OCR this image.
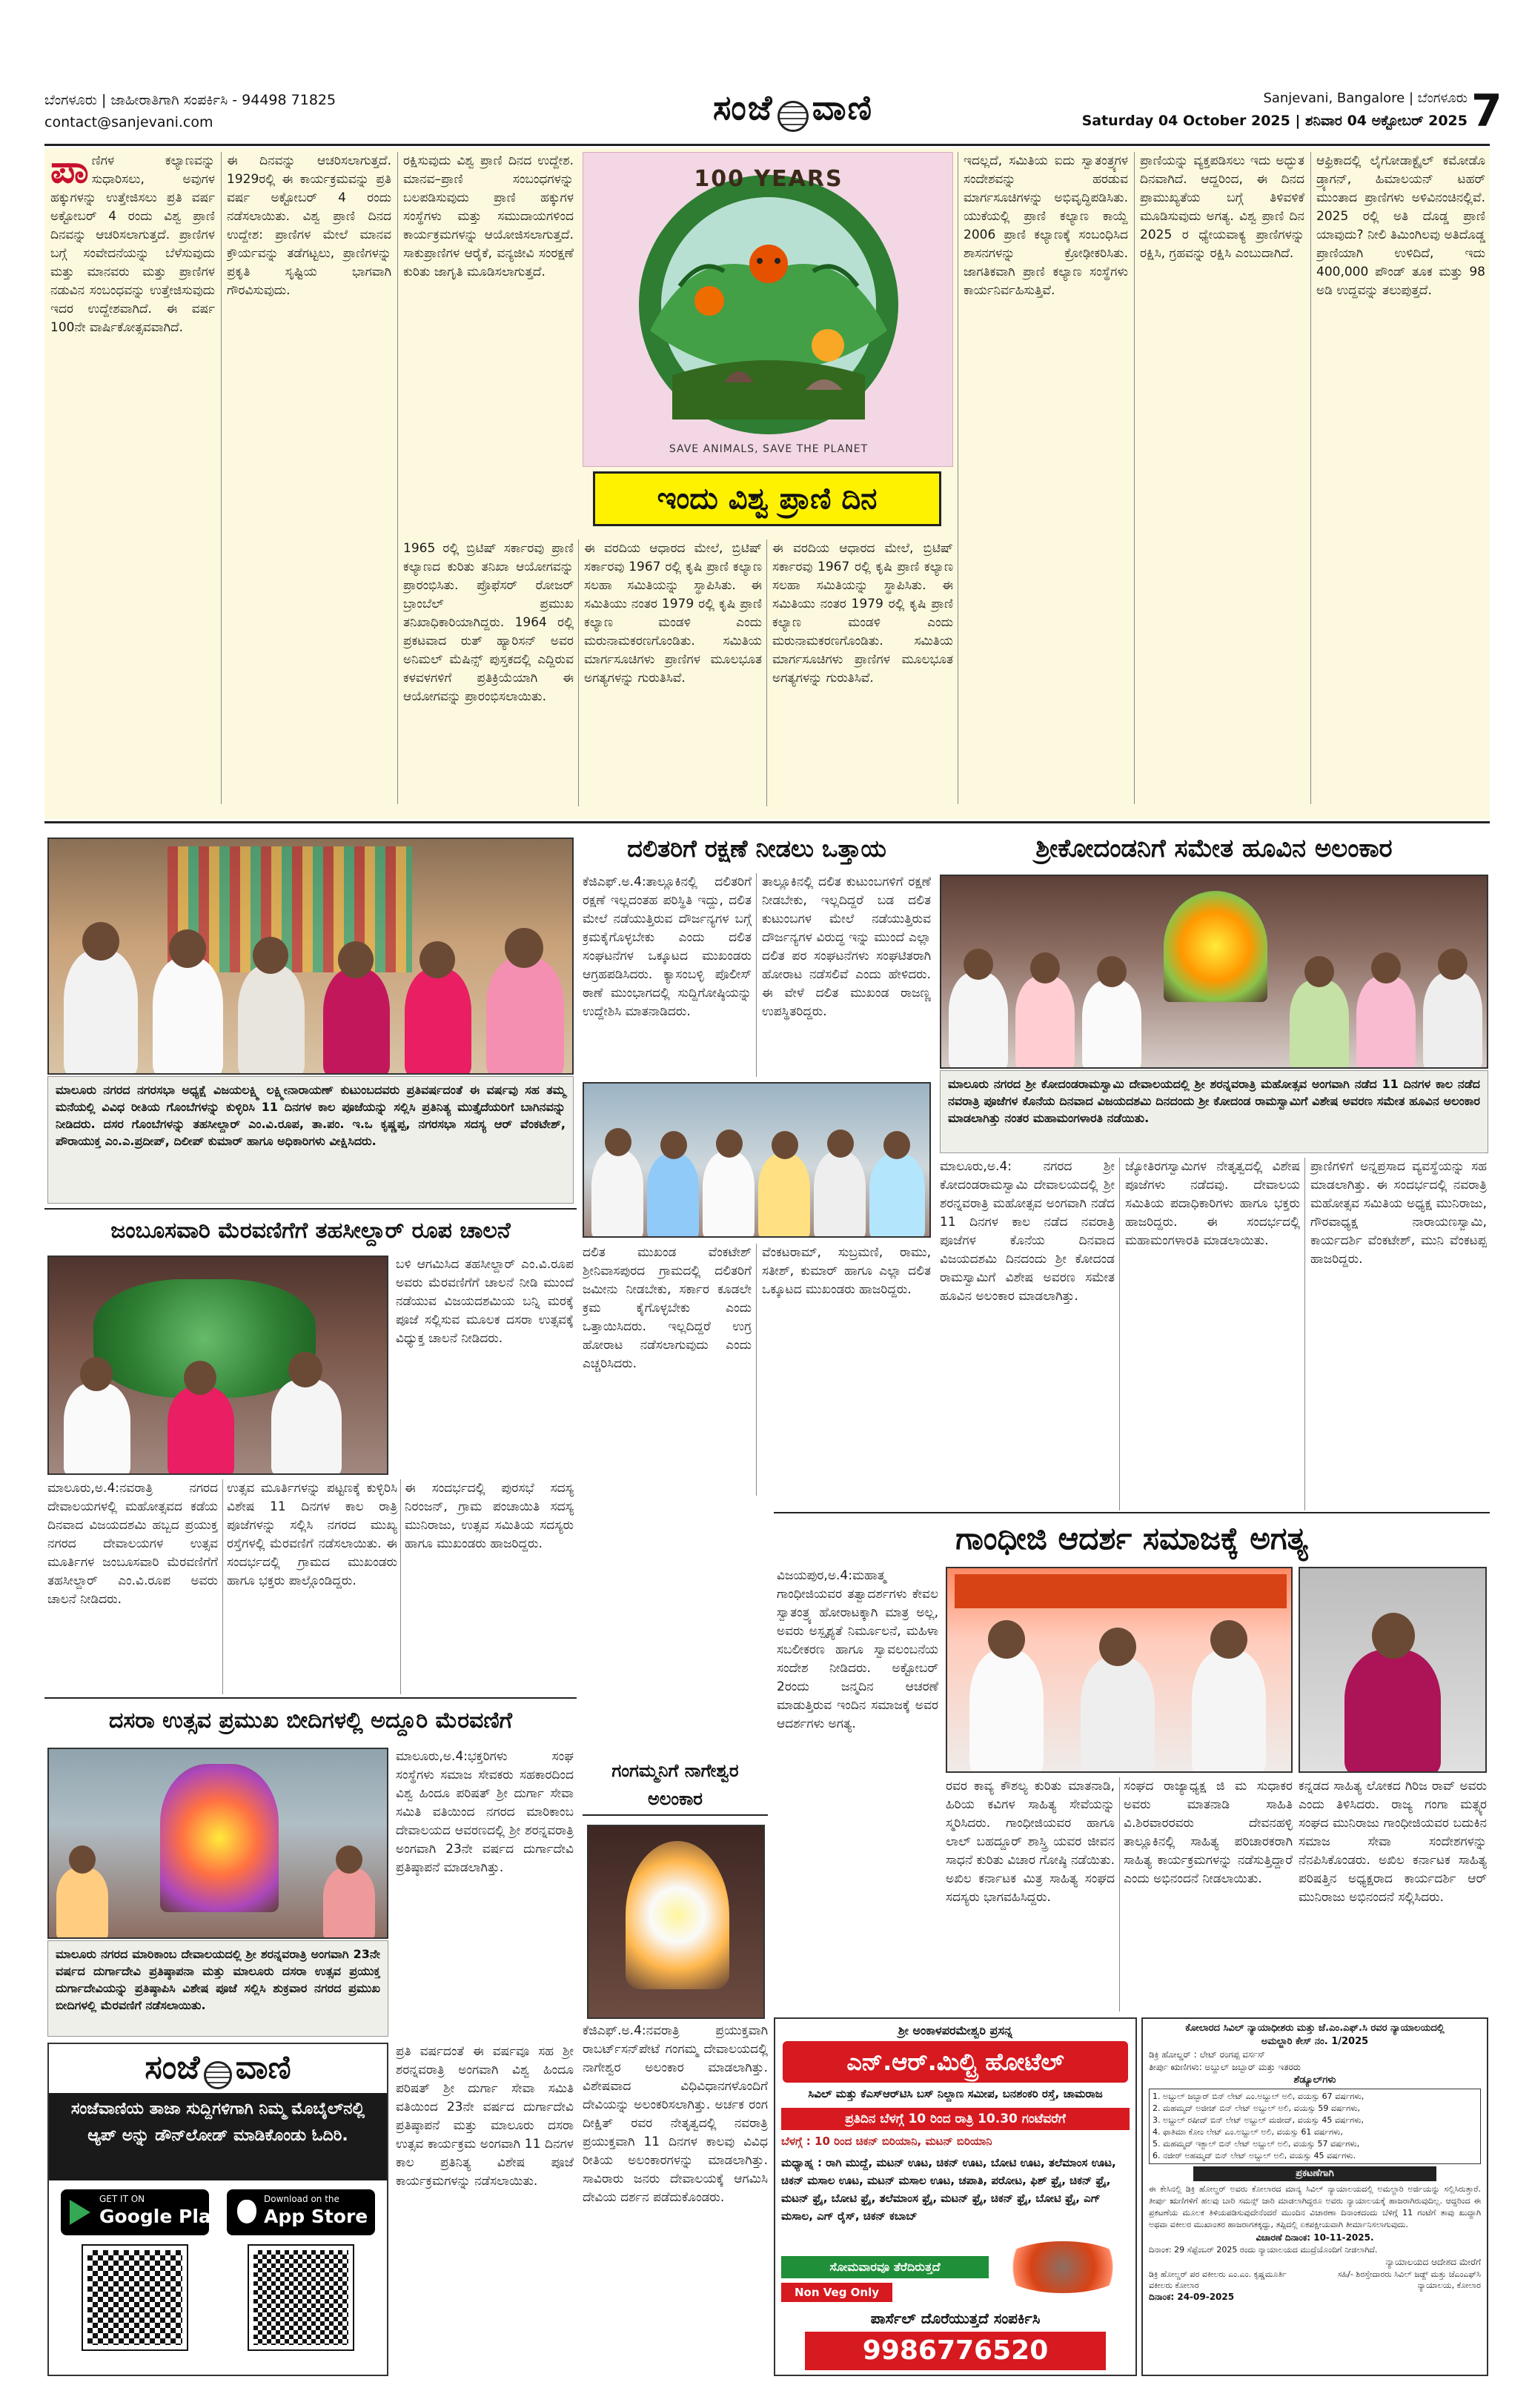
ಬೆಂಗಳೂರು | ಜಾಹೀರಾತಿಗಾಗಿ ಸಂಪರ್ಕಿಸಿ - 94498 71825
contact@sanjevani.com	ಸಂಜೆ ವಾಣಿ	Sanjevani, Bangalore | ಬೆಂಗಳೂರು
Saturday 04 October 2025 | ಶನಿವಾರ 04 ಅಕ್ಟೋಬರ್ 2025 7
ಪಾ ಣಿಗಳ ಕಲ್ಯಾಣವನ್ನು ಸುಧಾರಿಸಲು, ಅವುಗಳ ಹಕ್ಕುಗಳನ್ನು ಉತ್ತೇಜಿಸಲು ಪ್ರತಿ ವರ್ಷ ಅಕ್ಟೋಬರ್ 4 ರಂದು ವಿಶ್ವ ಪ್ರಾಣಿ ದಿನವನ್ನು ಆಚರಿಸಲಾಗುತ್ತದೆ. ಪ್ರಾಣಿಗಳ ಬಗ್ಗೆ ಸಂವೇದನೆಯನ್ನು ಬೆಳೆಸುವುದು ಮತ್ತು ಮಾನವರು ಮತ್ತು ಪ್ರಾಣಿಗಳ ನಡುವಿನ ಸಂಬಂಧವನ್ನು ಉತ್ತೇಜಿಸುವುದು ಇದರ ಉದ್ದೇಶವಾಗಿದೆ. ಈ ವರ್ಷ 100ನೇ ವಾರ್ಷಿಕೋತ್ಸವವಾಗಿದೆ.
ಈ ದಿನವನ್ನು ಆಚರಿಸಲಾಗುತ್ತದೆ. 1929ರಲ್ಲಿ ಈ ಕಾರ್ಯಕ್ರಮವನ್ನು ಪ್ರತಿ ವರ್ಷ ಅಕ್ಟೋಬರ್ 4 ರಂದು ನಡೆಸಲಾಯಿತು. ವಿಶ್ವ ಪ್ರಾಣಿ ದಿನದ ಉದ್ದೇಶ: ಪ್ರಾಣಿಗಳ ಮೇಲೆ ಮಾನವ ಕ್ರೌರ್ಯವನ್ನು ತಡೆಗಟ್ಟಲು, ಪ್ರಾಣಿಗಳನ್ನು ಪ್ರಕೃತಿ ಸೃಷ್ಟಿಯ ಭಾಗವಾಗಿ ಗೌರವಿಸುವುದು.
ರಕ್ಷಿಸುವುದು ವಿಶ್ವ ಪ್ರಾಣಿ ದಿನದ ಉದ್ದೇಶ. ಮಾನವ–ಪ್ರಾಣಿ ಸಂಬಂಧಗಳನ್ನು ಬಲಪಡಿಸುವುದು ಪ್ರಾಣಿ ಹಕ್ಕುಗಳ ಸಂಸ್ಥೆಗಳು ಮತ್ತು ಸಮುದಾಯಗಳಿಂದ ಕಾರ್ಯಕ್ರಮಗಳನ್ನು ಆಯೋಜಿಸಲಾಗುತ್ತದೆ. ಸಾಕುಪ್ರಾಣಿಗಳ ಆರೈಕೆ, ವನ್ಯಜೀವಿ ಸಂರಕ್ಷಣೆ ಕುರಿತು ಜಾಗೃತಿ ಮೂಡಿಸಲಾಗುತ್ತದೆ.
100 YEARS
SAVE ANIMALS, SAVE THE PLANET
ಇಂದು ವಿಶ್ವ ಪ್ರಾಣಿ ದಿನ
ಇದಲ್ಲದೆ, ಸಮಿತಿಯ ಐದು ಸ್ವಾತಂತ್ರ್ಯಗಳ ಸಂದೇಶವನ್ನು ಹರಡುವ ಮಾರ್ಗಸೂಚಿಗಳನ್ನು ಅಭಿವೃದ್ಧಿಪಡಿಸಿತು. ಯುಕೆಯಲ್ಲಿ ಪ್ರಾಣಿ ಕಲ್ಯಾಣ ಕಾಯ್ದೆ 2006 ಪ್ರಾಣಿ ಕಲ್ಯಾಣಕ್ಕೆ ಸಂಬಂಧಿಸಿದ ಶಾಸನಗಳನ್ನು ಕ್ರೋಢೀಕರಿಸಿತು. ಜಾಗತಿಕವಾಗಿ ಪ್ರಾಣಿ ಕಲ್ಯಾಣ ಸಂಸ್ಥೆಗಳು ಕಾರ್ಯನಿರ್ವಹಿಸುತ್ತಿವೆ.
ಪ್ರಾಣಿಯನ್ನು ವ್ಯಕ್ತಪಡಿಸಲು ಇದು ಅದ್ಭುತ ದಿನವಾಗಿದೆ. ಆದ್ದರಿಂದ, ಈ ದಿನದ ಪ್ರಾಮುಖ್ಯತೆಯ ಬಗ್ಗೆ ತಿಳಿವಳಿಕೆ ಮೂಡಿಸುವುದು ಅಗತ್ಯ. ವಿಶ್ವ ಪ್ರಾಣಿ ದಿನ 2025 ರ ಧ್ಯೇಯವಾಕ್ಯ ಪ್ರಾಣಿಗಳನ್ನು ರಕ್ಷಿಸಿ, ಗ್ರಹವನ್ನು ರಕ್ಷಿಸಿ ಎಂಬುದಾಗಿದೆ.
ಆಫ್ರಿಕಾದಲ್ಲಿ ಲೈಗೋಡಾಕ್ಟೈಲ್ ಕಮೋಡೊ ಡ್ರ್ಯಾಗನ್, ಹಿಮಾಲಯನ್ ಟಹರ್ ಮುಂತಾದ ಪ್ರಾಣಿಗಳು ಅಳಿವಿನಂಚಿನಲ್ಲಿವೆ. 2025 ರಲ್ಲಿ ಅತಿ ದೊಡ್ಡ ಪ್ರಾಣಿ ಯಾವುದು? ನೀಲಿ ತಿಮಿಂಗಿಲವು ಅತಿದೊಡ್ಡ ಪ್ರಾಣಿಯಾಗಿ ಉಳಿದಿದೆ, ಇದು 400,000 ಪೌಂಡ್ ತೂಕ ಮತ್ತು 98 ಅಡಿ ಉದ್ದವನ್ನು ತಲುಪುತ್ತದೆ.
1965 ರಲ್ಲಿ ಬ್ರಿಟಿಷ್ ಸರ್ಕಾರವು ಪ್ರಾಣಿ ಕಲ್ಯಾಣದ ಕುರಿತು ತನಿಖಾ ಆಯೋಗವನ್ನು ಪ್ರಾರಂಭಿಸಿತು. ಪ್ರೊಫೆಸರ್ ರೋಜರ್ ಬ್ರಾಂಬೆಲ್ ಪ್ರಮುಖ ತನಿಖಾಧಿಕಾರಿಯಾಗಿದ್ದರು. 1964 ರಲ್ಲಿ ಪ್ರಕಟವಾದ ರುತ್ ಹ್ಯಾರಿಸನ್ ಅವರ ಅನಿಮಲ್ ಮೆಷಿನ್ಸ್ ಪುಸ್ತಕದಲ್ಲಿ ಎದ್ದಿರುವ ಕಳವಳಗಳಿಗೆ ಪ್ರತಿಕ್ರಿಯೆಯಾಗಿ ಈ ಆಯೋಗವನ್ನು ಪ್ರಾರಂಭಿಸಲಾಯಿತು.
ಈ ವರದಿಯ ಆಧಾರದ ಮೇಲೆ, ಬ್ರಿಟಿಷ್ ಸರ್ಕಾರವು 1967 ರಲ್ಲಿ ಕೃಷಿ ಪ್ರಾಣಿ ಕಲ್ಯಾಣ ಸಲಹಾ ಸಮಿತಿಯನ್ನು ಸ್ಥಾಪಿಸಿತು. ಈ ಸಮಿತಿಯು ನಂತರ 1979 ರಲ್ಲಿ ಕೃಷಿ ಪ್ರಾಣಿ ಕಲ್ಯಾಣ ಮಂಡಳಿ ಎಂದು ಮರುನಾಮಕರಣಗೊಂಡಿತು. ಸಮಿತಿಯ ಮಾರ್ಗಸೂಚಿಗಳು ಪ್ರಾಣಿಗಳ ಮೂಲಭೂತ ಅಗತ್ಯಗಳನ್ನು ಗುರುತಿಸಿವೆ.
ಈ ವರದಿಯ ಆಧಾರದ ಮೇಲೆ, ಬ್ರಿಟಿಷ್ ಸರ್ಕಾರವು 1967 ರಲ್ಲಿ ಕೃಷಿ ಪ್ರಾಣಿ ಕಲ್ಯಾಣ ಸಲಹಾ ಸಮಿತಿಯನ್ನು ಸ್ಥಾಪಿಸಿತು. ಈ ಸಮಿತಿಯು ನಂತರ 1979 ರಲ್ಲಿ ಕೃಷಿ ಪ್ರಾಣಿ ಕಲ್ಯಾಣ ಮಂಡಳಿ ಎಂದು ಮರುನಾಮಕರಣಗೊಂಡಿತು. ಸಮಿತಿಯ ಮಾರ್ಗಸೂಚಿಗಳು ಪ್ರಾಣಿಗಳ ಮೂಲಭೂತ ಅಗತ್ಯಗಳನ್ನು ಗುರುತಿಸಿವೆ.
ಮಾಲೂರು ನಗರದ ನಗರಸಭಾ ಅಧ್ಯಕ್ಷೆ ವಿಜಯಲಕ್ಷ್ಮಿ ಲಕ್ಷ್ಮೀನಾರಾಯಣ್ ಕುಟುಂಬದವರು ಪ್ರತಿವರ್ಷದಂತೆ ಈ ವರ್ಷವು ಸಹ ತಮ್ಮ ಮನೆಯಲ್ಲಿ ವಿವಿಧ ರೀತಿಯ ಗೊಂಬೆಗಳನ್ನು ಕುಳ್ಳಿರಿಸಿ 11 ದಿನಗಳ ಕಾಲ ಪೂಜೆಯನ್ನು ಸಲ್ಲಿಸಿ ಪ್ರತಿನಿತ್ಯ ಮುತ್ತೈದೆಯರಿಗೆ ಬಾಗಿನವನ್ನು ನೀಡಿದರು. ದಸರ ಗೊಂಬೆಗಳನ್ನು ತಹಸೀಲ್ದಾರ್ ಎಂ.ವಿ.ರೂಪ, ತಾ.ಪಂ. ಇ.ಒ ಕೃಷ್ಣಪ್ಪ, ನಗರಸಭಾ ಸದಸ್ಯ ಆರ್ ವೆಂಕಟೇಶ್, ಪೌರಾಯುಕ್ತ ಎಂ.ಎ.ಪ್ರದೀಪ್, ದಿಲೀಪ್ ಕುಮಾರ್ ಹಾಗೂ ಅಧಿಕಾರಿಗಳು ವೀಕ್ಷಿಸಿದರು.
ದಲಿತರಿಗೆ ರಕ್ಷಣೆ ನೀಡಲು ಒತ್ತಾಯ
ಕೆಜಿಎಫ್.ಅ.4:ತಾಲ್ಲೂಕಿನಲ್ಲಿ ದಲಿತರಿಗೆ ರಕ್ಷಣೆ ಇಲ್ಲದಂತಹ ಪರಿಸ್ಥಿತಿ ಇದ್ದು, ದಲಿತ ಮೇಲೆ ನಡೆಯುತ್ತಿರುವ ದೌರ್ಜನ್ಯಗಳ ಬಗ್ಗೆ ಕ್ರಮಕೈಗೊಳ್ಳಬೇಕು ಎಂದು ದಲಿತ ಸಂಘಟನೆಗಳ ಒಕ್ಕೂಟದ ಮುಖಂಡರು ಆಗ್ರಹಪಡಿಸಿದರು. ಕ್ಯಾಸಂಬಳ್ಳಿ ಪೊಲೀಸ್ ಠಾಣೆ ಮುಂಭಾಗದಲ್ಲಿ ಸುದ್ದಿಗೋಷ್ಠಿಯನ್ನು ಉದ್ದೇಶಿಸಿ ಮಾತನಾಡಿದರು.
ತಾಲ್ಲೂಕಿನಲ್ಲಿ ದಲಿತ ಕುಟುಂಬಗಳಿಗೆ ರಕ್ಷಣೆ ನೀಡಬೇಕು, ಇಲ್ಲದಿದ್ದರೆ ಬಡ ದಲಿತ ಕುಟುಂಬಗಳ ಮೇಲೆ ನಡೆಯುತ್ತಿರುವ ದೌರ್ಜನ್ಯಗಳ ವಿರುದ್ಧ ಇನ್ನು ಮುಂದೆ ಎಲ್ಲಾ ದಲಿತ ಪರ ಸಂಘಟನೆಗಳು ಸಂಘಟಿತರಾಗಿ ಹೋರಾಟ ನಡೆಸಲಿವೆ ಎಂದು ಹೇಳಿದರು. ಈ ವೇಳೆ ದಲಿತ ಮುಖಂಡ ರಾಜಣ್ಣ ಉಪಸ್ಥಿತರಿದ್ದರು.
ದಲಿತ ಮುಖಂಡ ವೆಂಕಟೇಶ್ ಶ್ರೀನಿವಾಸಪುರದ ಗ್ರಾಮದಲ್ಲಿ ದಲಿತರಿಗೆ ಜಮೀನು ನೀಡಬೇಕು, ಸರ್ಕಾರ ಕೂಡಲೇ ಕ್ರಮ ಕೈಗೊಳ್ಳಬೇಕು ಎಂದು ಒತ್ತಾಯಿಸಿದರು. ಇಲ್ಲದಿದ್ದರೆ ಉಗ್ರ ಹೋರಾಟ ನಡೆಸಲಾಗುವುದು ಎಂದು ಎಚ್ಚರಿಸಿದರು.
ವೆಂಕಟರಾಮ್, ಸುಬ್ರಮಣಿ, ರಾಮು, ಸತೀಶ್, ಕುಮಾರ್ ಹಾಗೂ ಎಲ್ಲಾ ದಲಿತ ಒಕ್ಕೂಟದ ಮುಖಂಡರು ಹಾಜರಿದ್ದರು.
ಶ್ರೀಕೋದಂಡನಿಗೆ ಸಮೇತ ಹೂವಿನ ಅಲಂಕಾರ
ಮಾಲೂರು ನಗರದ ಶ್ರೀ ಕೋದಂಡರಾಮಸ್ವಾಮಿ ದೇವಾಲಯದಲ್ಲಿ ಶ್ರೀ ಶರನ್ನವರಾತ್ರಿ ಮಹೋತ್ಸವ ಅಂಗವಾಗಿ ನಡೆದ 11 ದಿನಗಳ ಕಾಲ ನಡೆದ ನವರಾತ್ರಿ ಪೂಜೆಗಳ ಕೊನೆಯ ದಿನವಾದ ವಿಜಯದಶಮಿ ದಿನದಂದು ಶ್ರೀ ಕೋದಂಡ ರಾಮಸ್ವಾಮಿಗೆ ವಿಶೇಷ ಅವರಣ ಸಮೇತ ಹೂವಿನ ಅಲಂಕಾರ ಮಾಡಲಾಗಿತ್ತು ನಂತರ ಮಹಾಮಂಗಳಾರತಿ ನಡೆಯಿತು.
ಮಾಲೂರು,ಅ.4: ನಗರದ ಶ್ರೀ ಕೋದಂಡರಾಮಸ್ವಾಮಿ ದೇವಾಲಯದಲ್ಲಿ ಶ್ರೀ ಶರನ್ನವರಾತ್ರಿ ಮಹೋತ್ಸವ ಅಂಗವಾಗಿ ನಡೆದ 11 ದಿನಗಳ ಕಾಲ ನಡೆದ ನವರಾತ್ರಿ ಪೂಜೆಗಳ ಕೊನೆಯ ದಿನವಾದ ವಿಜಯದಶಮಿ ದಿನದಂದು ಶ್ರೀ ಕೋದಂಡ ರಾಮಸ್ವಾಮಿಗೆ ವಿಶೇಷ ಅವರಣ ಸಮೇತ ಹೂವಿನ ಅಲಂಕಾರ ಮಾಡಲಾಗಿತ್ತು.
ಜ್ಯೋತಿರಗಸ್ವಾಮಿಗಳ ನೇತೃತ್ವದಲ್ಲಿ ವಿಶೇಷ ಪೂಜೆಗಳು ನಡೆದವು. ದೇವಾಲಯ ಸಮಿತಿಯ ಪದಾಧಿಕಾರಿಗಳು ಹಾಗೂ ಭಕ್ತರು ಹಾಜರಿದ್ದರು. ಈ ಸಂದರ್ಭದಲ್ಲಿ ಮಹಾಮಂಗಳಾರತಿ ಮಾಡಲಾಯಿತು.
ಪ್ರಾಣಿಗಳಿಗೆ ಅನ್ನಪ್ರಸಾದ ವ್ಯವಸ್ಥೆಯನ್ನು ಸಹ ಮಾಡಲಾಗಿತ್ತು. ಈ ಸಂದರ್ಭದಲ್ಲಿ ನವರಾತ್ರಿ ಮಹೋತ್ಸವ ಸಮಿತಿಯ ಅಧ್ಯಕ್ಷ ಮುನಿರಾಜು, ಗೌರವಾಧ್ಯಕ್ಷ ನಾರಾಯಣಸ್ವಾಮಿ, ಕಾರ್ಯದರ್ಶಿ ವೆಂಕಟೇಶ್, ಮುನಿ ವೆಂಕಟಪ್ಪ ಹಾಜರಿದ್ದರು.
ಜಂಬೂಸವಾರಿ ಮೆರವಣಿಗೆಗೆ ತಹಸೀಲ್ದಾರ್ ರೂಪ ಚಾಲನೆ
ಬಳಿ ಆಗಮಿಸಿದ ತಹಸೀಲ್ದಾರ್ ಎಂ.ವಿ.ರೂಪ ಅವರು ಮೆರವಣಿಗೆಗೆ ಚಾಲನೆ ನೀಡಿ ಮುಂದೆ ನಡೆಯುವ ವಿಜಯದಶಮಿಯ ಬನ್ನಿ ಮರಕ್ಕೆ ಪೂಜೆ ಸಲ್ಲಿಸುವ ಮೂಲಕ ದಸರಾ ಉತ್ಸವಕ್ಕೆ ವಿಧ್ಯುಕ್ತ ಚಾಲನೆ ನೀಡಿದರು.
ಮಾಲೂರು,ಅ.4:ನವರಾತ್ರಿ ನಗರದ ದೇವಾಲಯಗಳಲ್ಲಿ ಮಹೋತ್ಸವದ ಕಡೆಯ ದಿನವಾದ ವಿಜಯದಶಮಿ ಹಬ್ಬದ ಪ್ರಯುಕ್ತ ನಗರದ ದೇವಾಲಯಗಳ ಉತ್ಸವ ಮೂರ್ತಿಗಳ ಜಂಬೂಸವಾರಿ ಮೆರವಣಿಗೆಗೆ ತಹಸೀಲ್ದಾರ್ ಎಂ.ವಿ.ರೂಪ ಅವರು ಚಾಲನೆ ನೀಡಿದರು.
ಉತ್ಸವ ಮೂರ್ತಿಗಳನ್ನು ಪಟ್ಟಣಕ್ಕೆ ಕುಳ್ಳಿರಿಸಿ ವಿಶೇಷ 11 ದಿನಗಳ ಕಾಲ ರಾತ್ರಿ ಪೂಜೆಗಳನ್ನು ಸಲ್ಲಿಸಿ ನಗರದ ಮುಖ್ಯ ರಸ್ತೆಗಳಲ್ಲಿ ಮೆರವಣಿಗೆ ನಡೆಸಲಾಯಿತು. ಈ ಸಂದರ್ಭದಲ್ಲಿ ಗ್ರಾಮದ ಮುಖಂಡರು ಹಾಗೂ ಭಕ್ತರು ಪಾಲ್ಗೊಂಡಿದ್ದರು.
ಈ ಸಂದರ್ಭದಲ್ಲಿ ಪುರಸಭೆ ಸದಸ್ಯ ನಿರಂಜನ್, ಗ್ರಾಮ ಪಂಚಾಯಿತಿ ಸದಸ್ಯ ಮುನಿರಾಜು, ಉತ್ಸವ ಸಮಿತಿಯ ಸದಸ್ಯರು ಹಾಗೂ ಮುಖಂಡರು ಹಾಜರಿದ್ದರು.
ದಸರಾ ಉತ್ಸವ ಪ್ರಮುಖ ಬೀದಿಗಳಲ್ಲಿ ಅದ್ದೂರಿ ಮೆರವಣಿಗೆ
ಮಾಲೂರು ನಗರದ ಮಾರಿಕಾಂಬ ದೇವಾಲಯದಲ್ಲಿ ಶ್ರೀ ಶರನ್ನವರಾತ್ರಿ ಅಂಗವಾಗಿ 23ನೇ ವರ್ಷದ ದುರ್ಗಾದೇವಿ ಪ್ರತಿಷ್ಠಾಪನಾ ಮತ್ತು ಮಾಲೂರು ದಸರಾ ಉತ್ಸವ ಪ್ರಯುಕ್ತ ದುರ್ಗಾದೇವಿಯನ್ನು ಪ್ರತಿಷ್ಠಾಪಿಸಿ ವಿಶೇಷ ಪೂಜೆ ಸಲ್ಲಿಸಿ ಶುಕ್ರವಾರ ನಗರದ ಪ್ರಮುಖ ಬೀದಿಗಳಲ್ಲಿ ಮೆರವಣಿಗೆ ನಡೆಸಲಾಯಿತು.
ಮಾಲೂರು,ಅ.4:ಭಕ್ತರಿಗಳು ಸಂಘ ಸಂಸ್ಥೆಗಳು ಸಮಾಜ ಸೇವಕರು ಸಹಕಾರದಿಂದ ವಿಶ್ವ ಹಿಂದೂ ಪರಿಷತ್ ಶ್ರೀ ದುರ್ಗಾ ಸೇವಾ ಸಮಿತಿ ವತಿಯಿಂದ ನಗರದ ಮಾರಿಕಾಂಬ ದೇವಾಲಯದ ಆವರಣದಲ್ಲಿ ಶ್ರೀ ಶರನ್ನವರಾತ್ರಿ ಅಂಗವಾಗಿ 23ನೇ ವರ್ಷದ ದುರ್ಗಾದೇವಿ ಪ್ರತಿಷ್ಠಾಪನೆ ಮಾಡಲಾಗಿತ್ತು.
ಪ್ರತಿ ವರ್ಷದಂತೆ ಈ ವರ್ಷವೂ ಸಹ ಶ್ರೀ ಶರನ್ನವರಾತ್ರಿ ಅಂಗವಾಗಿ ವಿಶ್ವ ಹಿಂದೂ ಪರಿಷತ್ ಶ್ರೀ ದುರ್ಗಾ ಸೇವಾ ಸಮಿತಿ ವತಿಯಿಂದ 23ನೇ ವರ್ಷದ ದುರ್ಗಾದೇವಿ ಪ್ರತಿಷ್ಠಾಪನೆ ಮತ್ತು ಮಾಲೂರು ದಸರಾ ಉತ್ಸವ ಕಾರ್ಯಕ್ರಮ ಅಂಗವಾಗಿ 11 ದಿನಗಳ ಕಾಲ ಪ್ರತಿನಿತ್ಯ ವಿಶೇಷ ಪೂಜೆ ಕಾರ್ಯಕ್ರಮಗಳನ್ನು ನಡೆಸಲಾಯಿತು.
ಸಂಜೆ ವಾಣಿ
ಸಂಜೆವಾಣಿಯ ತಾಜಾ ಸುದ್ದಿಗಳಿಗಾಗಿ ನಿಮ್ಮ ಮೊಬೈಲ್‌ನಲ್ಲಿ ಆ್ಯಪ್ ಅನ್ನು ಡೌನ್‌ಲೋಡ್ ಮಾಡಿಕೊಂಡು ಓದಿರಿ.
GET IT ON
Google Play
Download on the
App Store
ಗಾಂಧೀಜಿ ಆದರ್ಶ ಸಮಾಜಕ್ಕೆ ಅಗತ್ಯ
ವಿಜಯಪುರ,ಅ.4:ಮಹಾತ್ಮ ಗಾಂಧೀಜಿಯವರ ತತ್ವಾದರ್ಶಗಳು ಕೇವಲ ಸ್ವಾತಂತ್ರ್ಯ ಹೋರಾಟಕ್ಕಾಗಿ ಮಾತ್ರ ಅಲ್ಲ, ಅವರು ಅಸ್ಪೃಶ್ಯತೆ ನಿರ್ಮೂಲನೆ, ಮಹಿಳಾ ಸಬಲೀಕರಣ ಹಾಗೂ ಸ್ವಾವಲಂಬನೆಯ ಸಂದೇಶ ನೀಡಿದರು. ಅಕ್ಟೋಬರ್ 2ರಂದು ಜನ್ಮದಿನ ಆಚರಣೆ ಮಾಡುತ್ತಿರುವ ಇಂದಿನ ಸಮಾಜಕ್ಕೆ ಅವರ ಆದರ್ಶಗಳು ಅಗತ್ಯ.
ಕನ್ನಡದ ಸಾಹಿತ್ಯ ಲೋಕದ ಗಿರಿಜ ರಾವ್ ಅವರು ಎಂದು ತಿಳಿಸಿದರು. ರಾಜ್ಯ ಗಂಗಾ ಮತ್ಸ್ಯರ ಸಂಘದ ಮುನಿರಾಜು ಗಾಂಧೀಜಿಯವರ ಬದುಕಿನ ಸಮಾಜ ಸೇವಾ ಸಂದೇಶಗಳನ್ನು ನೆನಪಿಸಿಕೊಂಡರು. ಅಖಿಲ ಕರ್ನಾಟಕ ಸಾಹಿತ್ಯ ಪರಿಷತ್ತಿನ ಅಧ್ಯಕ್ಷರಾದ ಕಾರ್ಯದರ್ಶಿ ಆರ್ ಮುನಿರಾಜು ಅಭಿನಂದನೆ ಸಲ್ಲಿಸಿದರು.
ರವರ ಕಾವ್ಯ ಕೌಶಲ್ಯ ಕುರಿತು ಮಾತನಾಡಿ, ಹಿರಿಯ ಕವಿಗಳ ಸಾಹಿತ್ಯ ಸೇವೆಯನ್ನು ಸ್ಮರಿಸಿದರು. ಗಾಂಧೀಜಿಯವರ ಹಾಗೂ ಲಾಲ್ ಬಹದ್ದೂರ್ ಶಾಸ್ತ್ರಿ ಯವರ ಜೀವನ ಸಾಧನೆ ಕುರಿತು ವಿಚಾರ ಗೋಷ್ಠಿ ನಡೆಯಿತು. ಅಖಿಲ ಕರ್ನಾಟಕ ಮಿತ್ರ ಸಾಹಿತ್ಯ ಸಂಘದ ಸದಸ್ಯರು ಭಾಗವಹಿಸಿದ್ದರು.
ಸಂಘದ ರಾಜ್ಯಾಧ್ಯಕ್ಷ ಜಿ ಮ ಸುಧಾಕರ ಅವರು ಮಾತನಾಡಿ ಸಾಹಿತಿ ವಿ.ಶಿರವಾರರವರು ದೇವನಹಳ್ಳಿ ತಾಲ್ಲೂಕಿನಲ್ಲಿ ಸಾಹಿತ್ಯ ಪರಿಚಾರಕರಾಗಿ ಸಾಹಿತ್ಯ ಕಾರ್ಯಕ್ರಮಗಳನ್ನು ನಡೆಸುತ್ತಿದ್ದಾರೆ ಎಂದು ಅಭಿನಂದನೆ ನೀಡಲಾಯಿತು.
ಗಂಗಮ್ಮನಿಗೆ ನಾಗೇಶ್ವರ ಅಲಂಕಾರ
ಕೆಜಿಎಫ್.ಅ.4:ನವರಾತ್ರಿ ಪ್ರಯುಕ್ತವಾಗಿ ರಾಬರ್ಟ್‌ಸನ್‌ಪೇಟೆ ಗಂಗಮ್ಮ ದೇವಾಲಯದಲ್ಲಿ ನಾಗೇಶ್ವರ ಅಲಂಕಾರ ಮಾಡಲಾಗಿತ್ತು. ವಿಶೇಷವಾದ ವಿಧಿವಿಧಾನಗಳೊಂದಿಗೆ ದೇವಿಯನ್ನು ಅಲಂಕರಿಸಲಾಗಿತ್ತು. ಅರ್ಚಕ ರಂಗ ದೀಕ್ಷಿತ್ ರವರ ನೇತೃತ್ವದಲ್ಲಿ ನವರಾತ್ರಿ ಪ್ರಯುಕ್ತವಾಗಿ 11 ದಿನಗಳ ಕಾಲವು ವಿವಿಧ ರೀತಿಯ ಅಲಂಕಾರಗಳನ್ನು ಮಾಡಲಾಗಿತ್ತು. ಸಾವಿರಾರು ಜನರು ದೇವಾಲಯಕ್ಕೆ ಆಗಮಿಸಿ ದೇವಿಯ ದರ್ಶನ ಪಡೆದುಕೊಂಡರು.
ಶ್ರೀ ಅಂಕಾಳಪರಮೇಶ್ವರಿ ಪ್ರಸನ್ನ
ಎನ್.ಆರ್.ಮಿಲ್ಟ್ರಿ ಹೋಟೆಲ್
ಸಿವಿಲ್ ಮತ್ತು ಕೆಎಸ್ಆರ್‌ಟಿಸಿ ಬಸ್ ನಿಲ್ದಾಣ ಸಮೀಪ, ಬನಶಂಕರಿ ರಸ್ತೆ, ಚಾಮರಾಜ
ಪ್ರತಿದಿನ ಬೆಳಗ್ಗೆ 10 ರಿಂದ ರಾತ್ರಿ 10.30 ಗಂಟೆವರೆಗೆ
ಬೆಳಗ್ಗೆ : 10 ರಿಂದ ಚಿಕನ್ ಬಿರಿಯಾನಿ, ಮಟನ್ ಬಿರಿಯಾನಿ
ಮಧ್ಯಾಹ್ನ : ರಾಗಿ ಮುದ್ದೆ, ಮಟನ್ ಊಟ, ಚಿಕನ್ ಊಟ, ಬೋಟಿ ಊಟ, ತಲೆಮಾಂಸ ಊಟ, ಚಿಕನ್ ಮಸಾಲ ಊಟ, ಮಟನ್ ಮಸಾಲ ಊಟ, ಚಪಾತಿ, ಪರೋಟ, ಫಿಶ್ ಫ್ರೈ, ಚಿಕನ್ ಫ್ರೈ, ಮಟನ್ ಫ್ರೈ, ಬೋಟಿ ಫ್ರೈ, ತಲೆಮಾಂಸ ಫ್ರೈ, ಮಟನ್ ಫ್ರೈ, ಚಿಕನ್ ಫ್ರೈ, ಬೋಟಿ ಫ್ರೈ, ಎಗ್ ಮಸಾಲ, ಎಗ್ ರೈಸ್, ಚಿಕನ್ ಕಬಾಬ್
ಸೋಮವಾರವೂ ತೆರೆದಿರುತ್ತದೆ
Non Veg Only
ಪಾರ್ಸೆಲ್ ದೊರೆಯುತ್ತದೆ ಸಂಪರ್ಕಿಸಿ
9986776520
ಕೋಲಾರದ ಸಿವಿಲ್ ನ್ಯಾಯಾಧೀಶರು ಮತ್ತು ಜೆ.ಎಂ.ಎಫ್.ಸಿ ರವರ ನ್ಯಾಯಾಲಯದಲ್ಲಿ
ಅಮಲ್ಜಾರಿ ಕೇಸ್ ನಂ. 1/2025
ಡಿಕ್ರಿ ಹೋಲ್ಡರ್ : ಲೇಟ್ ರಂಗಪ್ಪ ವರ್ಸಸ್
ತೀರ್ಪು ಋಣಿಗಳು: ಅಬ್ದುಲ್ ಜಬ್ಬಾರ್ ಮತ್ತು ಇತರರು
ಶೆಡ್ಯೂಲ್‌ಗಳು
1. ಅಬ್ದುಲ್ ಜಬ್ಬಾರ್ ಬಿನ್ ಲೇಟ್ ಎಂ.ಅಬ್ದುಲ್ ಅಲಿ, ವಯಸ್ಸು 67 ವರ್ಷಗಳು,
2. ಮಹಮ್ಮದ್ ಅಜೀಜ್ ಬಿನ್ ಲೇಟ್ ಅಬ್ದುಲ್ ಅಲಿ, ವಯಸ್ಸು 59 ವರ್ಷಗಳು,
3. ಅಬ್ದುಲ್ ರಷೀದ್ ಬಿನ್ ಲೇಟ್ ಅಬ್ದುಲ್ ಮಜೀದ್, ವಯಸ್ಸು 45 ವರ್ಷಗಳು,
4. ಫಾತಿಮಾ ಕೋಂ ಲೇಟ್ ಎಂ.ಅಬ್ದುಲ್ ಅಲಿ, ವಯಸ್ಸು 61 ವರ್ಷಗಳು,
5. ಮಹಮ್ಮದ್ ಇಕ್ಬಾಲ್ ಬಿನ್ ಲೇಟ್ ಅಬ್ದುಲ್ ಅಲಿ, ವಯಸ್ಸು 57 ವರ್ಷಗಳು,
6. ನಜೀರ್ ಅಹಮ್ಮದ್ ಬಿನ್ ಲೇಟ್ ಅಬ್ದುಲ್ ಅಲಿ, ವಯಸ್ಸು 45 ವರ್ಷಗಳು.
ಪ್ರಕಟಣೆಗಾಗಿ
ಈ ಕೇಸಿನಲ್ಲಿ ಡಿಕ್ರಿ ಹೋಲ್ಡರ್ ಅವರು ಕೋಲಾರದ ಮಾನ್ಯ ಸಿವಿಲ್ ನ್ಯಾಯಾಲಯದಲ್ಲಿ ಅಮಲ್ಜಾರಿ ಅರ್ಜಿಯನ್ನು ಸಲ್ಲಿಸಿರುತ್ತಾರೆ. ತೀರ್ಪು ಋಣಿಗಳಿಗೆ ಹಲವು ಬಾರಿ ಸಮನ್ಸ್ ಜಾರಿ ಮಾಡಲಾಗಿದ್ದರೂ ಅವರು ನ್ಯಾಯಾಲಯಕ್ಕೆ ಹಾಜರಾಗಿರುವುದಿಲ್ಲ. ಆದ್ದರಿಂದ ಈ ಪ್ರಕಟಣೆಯ ಮೂಲಕ ತಿಳಿಯಪಡಿಸುವುದೇನೆಂದರೆ ಮುಂದಿನ ವಿಚಾರಣಾ ದಿನಾಂಕದಂದು ಬೆಳಿಗ್ಗೆ 11 ಗಂಟೆಗೆ ತಾವು ಖುದ್ದಾಗಿ ಅಥವಾ ವಕೀಲರ ಮುಖಾಂತರ ಹಾಜರಾಗತಕ್ಕದ್ದು, ತಪ್ಪಿದಲ್ಲಿ ಏಕಪಕ್ಷೀಯವಾಗಿ ತೀರ್ಮಾನಿಸಲಾಗುವುದು.
ವಿಚಾರಣೆ ದಿನಾಂಕ: 10-11-2025.
ದಿನಾಂಕ: 29 ಸೆಪ್ಟೆಂಬರ್ 2025 ರಂದು ನ್ಯಾಯಾಲಯದ ಮುದ್ರೆಯೊಂದಿಗೆ ನೀಡಲಾಗಿದೆ.
ನ್ಯಾಯಾಲಯದ ಆದೇಶದ ಮೇರೆಗೆ
ಡಿಕ್ರಿ ಹೋಲ್ಡರ್ ಪರ ವಕೀಲರು ಎಂ.ಎಂ. ಕೃಷ್ಣಮೂರ್ತಿ ವಕೀಲರು ಕೋಲಾರ
ಸಹಿ/- ಶಿರಸ್ತೇದಾರರು ಸಿವಿಲ್ ಜಡ್ಜ್ ಮತ್ತು ಜೆಎಂಎಫ್‌ಸಿ ನ್ಯಾಯಾಲಯ, ಕೋಲಾರ
ದಿನಾಂಕ: 24-09-2025
